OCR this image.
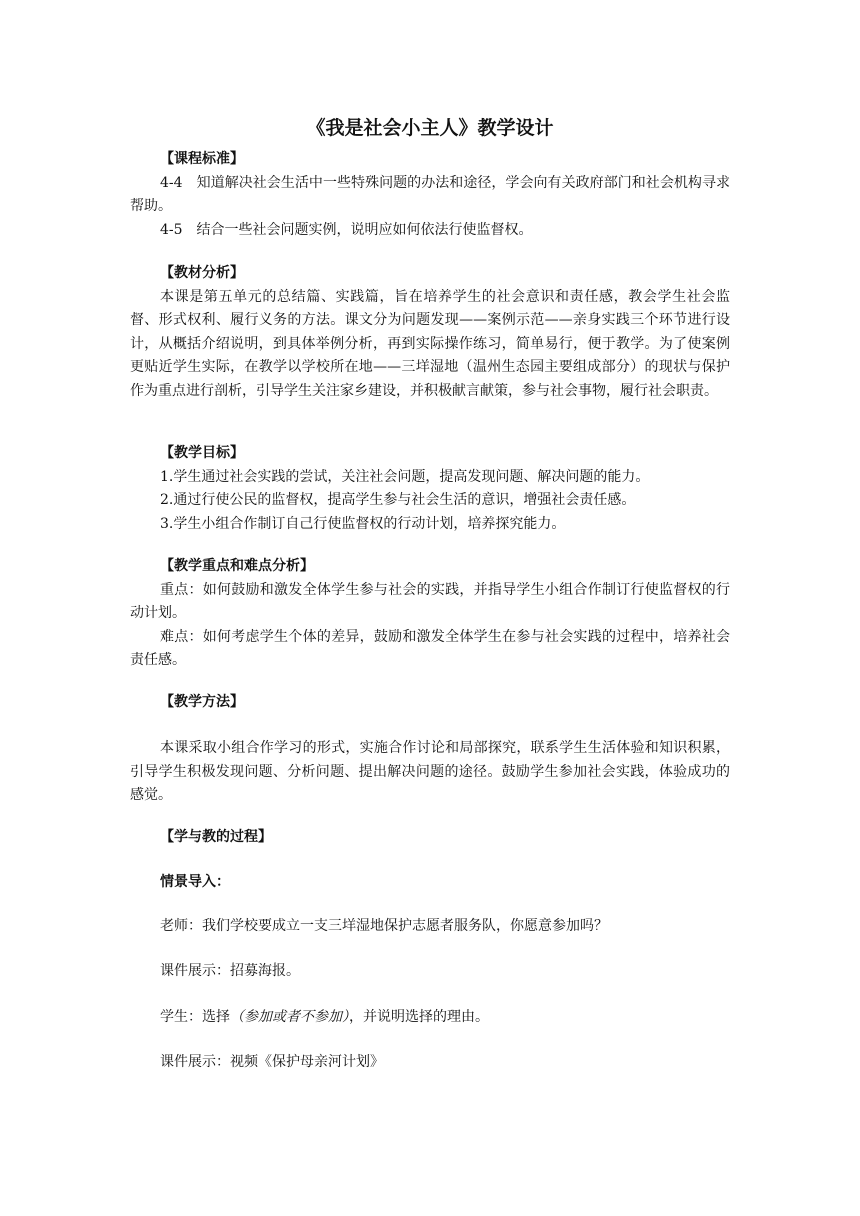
《我是社会小主人》教学设计
【课程标准】
4-4　知道解决社会生活中一些特殊问题的办法和途径，学会向有关政府部门和社会机构寻求帮助。
4-5　结合一些社会问题实例，说明应如何依法行使监督权。
【教材分析】
本课是第五单元的总结篇、实践篇，旨在培养学生的社会意识和责任感，教会学生社会监督、形式权利、履行义务的方法。课文分为问题发现——案例示范——亲身实践三个环节进行设计，从概括介绍说明，到具体举例分析，再到实际操作练习，简单易行，便于教学。为了使案例更贴近学生实际，在教学以学校所在地——三垟湿地（温州生态园主要组成部分）的现状与保护作为重点进行剖析，引导学生关注家乡建设，并积极献言献策，参与社会事物，履行社会职责。
【教学目标】
1.学生通过社会实践的尝试，关注社会问题，提高发现问题、解决问题的能力。
2.通过行使公民的监督权，提高学生参与社会生活的意识，增强社会责任感。
3.学生小组合作制订自己行使监督权的行动计划，培养探究能力。
【教学重点和难点分析】
重点：如何鼓励和激发全体学生参与社会的实践，并指导学生小组合作制订行使监督权的行动计划。
难点：如何考虑学生个体的差异，鼓励和激发全体学生在参与社会实践的过程中，培养社会责任感。
【教学方法】
本课采取小组合作学习的形式，实施合作讨论和局部探究，联系学生生活体验和知识积累，引导学生积极发现问题、分析问题、提出解决问题的途径。鼓励学生参加社会实践，体验成功的感觉。
【学与教的过程】
情景导入：
老师：我们学校要成立一支三垟湿地保护志愿者服务队，你愿意参加吗？
课件展示：招募海报。
学生：选择（参加或者不参加），并说明选择的理由。
课件展示：视频《保护母亲河计划》
